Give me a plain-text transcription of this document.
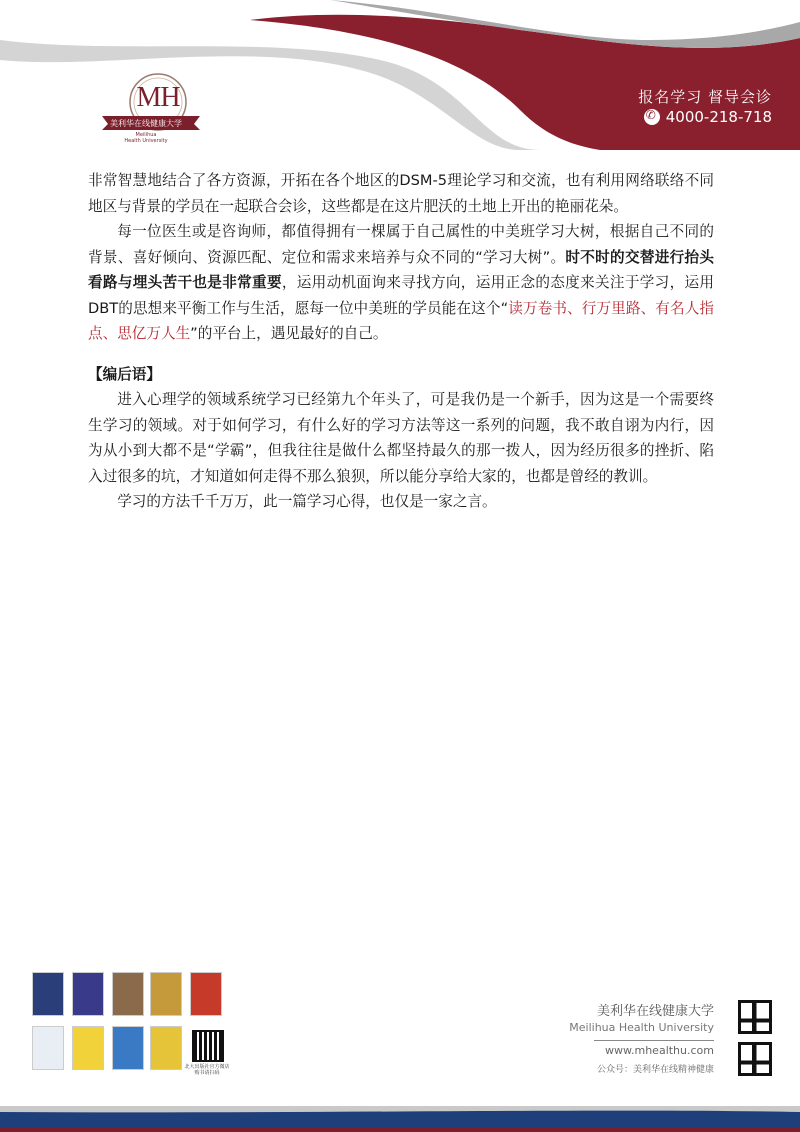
MH
美利华在线健康大学
Meilihua
Health University
报名学习 督导会诊
✆
4000-218-718

非常智慧地结合了各方资源，开拓在各个地区的DSM-5理论学习和交流，也有利用网络联络不同地区与背景的学员在一起联合会诊，这些都是在这片肥沃的土地上开出的艳丽花朵。

每一位医生或是咨询师，都值得拥有一棵属于自己属性的中美班学习大树，根据自己不同的背景、喜好倾向、资源匹配、定位和需求来培养与众不同的“学习大树”。时不时的交替进行抬头看路与埋头苦干也是非常重要，运用动机面询来寻找方向，运用正念的态度来关注于学习，运用DBT的思想来平衡工作与生活，愿每一位中美班的学员能在这个“读万卷书、行万里路、有名人指点、思亿万人生”的平台上，遇见最好的自己。

【编后语】

进入心理学的领域系统学习已经第九个年头了，可是我仍是一个新手，因为这是一个需要终生学习的领域。对于如何学习，有什么好的学习方法等这一系列的问题，我不敢自诩为内行，因为从小到大都不是“学霸”，但我往往是做什么都坚持最久的那一拨人，因为经历很多的挫折、陷入过很多的坑，才知道如何走得不那么狼狈，所以能分享给大家的，也都是曾经的教训。

学习的方法千千万万，此一篇学习心得，也仅是一家之言。

北大出版社官方微店
购书请扫码
美利华在线健康大学
Meilihua Health University
www.mhealthu.com
公众号：美利华在线精神健康
